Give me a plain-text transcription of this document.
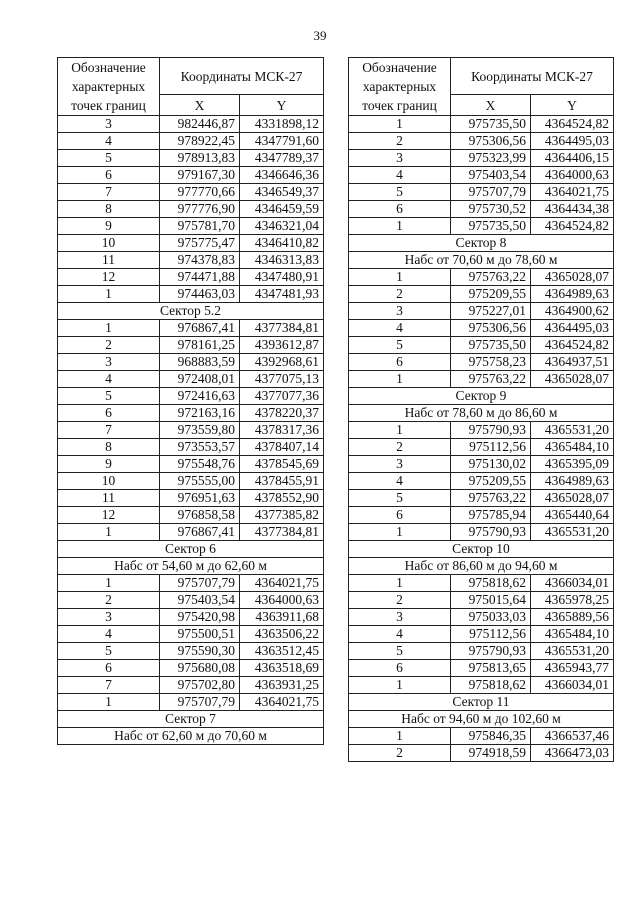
39
Обозначение характерных точек границ	Координаты МСК-27	
	X	Y
3	982446,87	4331898,12
4	978922,45	4347791,60
5	978913,83	4347789,37
6	979167,30	4346646,36
7	977770,66	4346549,37
8	977776,90	4346459,59
9	975781,70	4346321,04
10	975775,47	4346410,82
11	974378,83	4346313,83
12	974471,88	4347480,91
1	974463,03	4347481,93
Сектор 5.2		
1	976867,41	4377384,81
2	978161,25	4393612,87
3	968883,59	4392968,61
4	972408,01	4377075,13
5	972416,63	4377077,36
6	972163,16	4378220,37
7	973559,80	4378317,36
8	973553,57	4378407,14
9	975548,76	4378545,69
10	975555,00	4378455,91
11	976951,63	4378552,90
12	976858,58	4377385,82
1	976867,41	4377384,81
Сектор 6		
Набс от 54,60 м до 62,60 м		
1	975707,79	4364021,75
2	975403,54	4364000,63
3	975420,98	4363911,68
4	975500,51	4363506,22
5	975590,30	4363512,45
6	975680,08	4363518,69
7	975702,80	4363931,25
1	975707,79	4364021,75
Сектор 7		
Набс от 62,60 м до 70,60 м		
Обозначение характерных точек границ	Координаты МСК-27	
	X	Y
1	975735,50	4364524,82
2	975306,56	4364495,03
3	975323,99	4364406,15
4	975403,54	4364000,63
5	975707,79	4364021,75
6	975730,52	4364434,38
1	975735,50	4364524,82
Сектор 8		
Набс от 70,60 м до 78,60 м		
1	975763,22	4365028,07
2	975209,55	4364989,63
3	975227,01	4364900,62
4	975306,56	4364495,03
5	975735,50	4364524,82
6	975758,23	4364937,51
1	975763,22	4365028,07
Сектор 9		
Набс от 78,60 м до 86,60 м		
1	975790,93	4365531,20
2	975112,56	4365484,10
3	975130,02	4365395,09
4	975209,55	4364989,63
5	975763,22	4365028,07
6	975785,94	4365440,64
1	975790,93	4365531,20
Сектор 10		
Набс от 86,60 м до 94,60 м		
1	975818,62	4366034,01
2	975015,64	4365978,25
3	975033,03	4365889,56
4	975112,56	4365484,10
5	975790,93	4365531,20
6	975813,65	4365943,77
1	975818,62	4366034,01
Сектор 11		
Набс от 94,60 м до 102,60 м		
1	975846,35	4366537,46
2	974918,59	4366473,03
